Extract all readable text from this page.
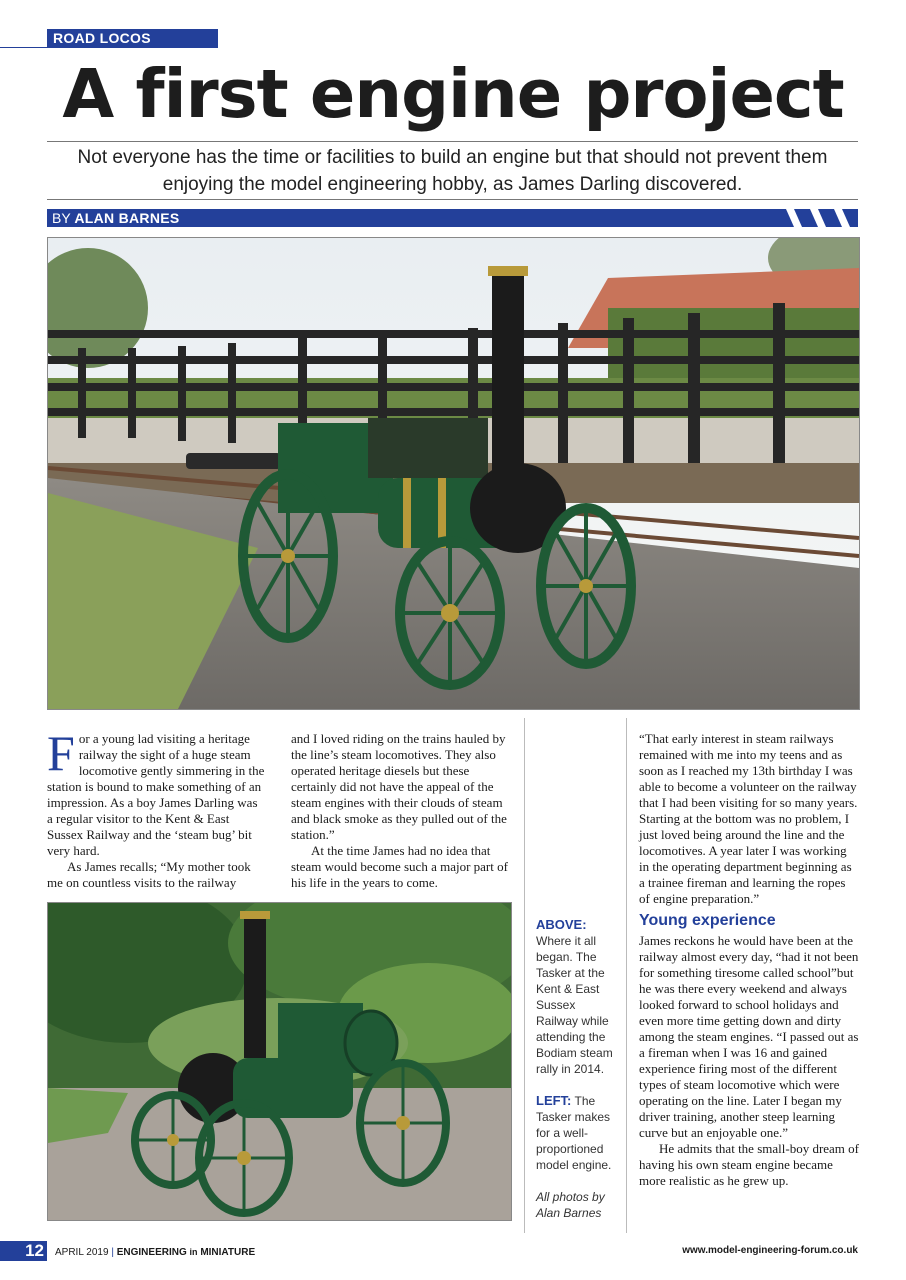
ROAD LOCOS
A first engine project
Not everyone has the time or facilities to build an engine but that should not prevent them enjoying the model engineering hobby, as James Darling discovered.
BY ALAN BARNES

For a young lad visiting a heritage railway the sight of a huge steam locomotive gently simmering in the station is bound to make something of an impression. As a boy James Darling was a regular visitor to the Kent & East Sussex Railway and the ‘steam bug’ bit very hard.

As James recalls; “My mother took me on countless visits to the railway

and I loved riding on the trains hauled by the line’s steam locomotives. They also operated heritage diesels but these certainly did not have the appeal of the steam engines with their clouds of steam and black smoke as they pulled out of the station.”

At the time James had no idea that steam would become such a major part of his life in the years to come.

ABOVE:
Where it all began. The Tasker at the Kent & East Sussex Railway while attending the Bodiam steam rally in 2014.
LEFT: The Tasker makes for a well-proportioned model engine.
All photos by Alan Barnes

“That early interest in steam railways remained with me into my teens and as soon as I reached my 13th birthday I was able to become a volunteer on the railway that I had been visiting for so many years. Starting at the bottom was no problem, I just loved being around the line and the locomotives. A year later I was working in the operating department beginning as a trainee fireman and learning the ropes of engine preparation.”

Young experience

James reckons he would have been at the railway almost every day, “had it not been for something tiresome called school”but he was there every weekend and always looked forward to school holidays and even more time getting down and dirty among the steam engines. “I passed out as a fireman when I was 16 and gained experience firing most of the different types of steam locomotive which were operating on the line. Later I began my driver training, another steep learning curve but an enjoyable one.”

He admits that the small-boy dream of having his own steam engine became more realistic as he grew up.

12	APRIL 2019 | ENGINEERING in MINIATURE	www.model-engineering-forum.co.uk
